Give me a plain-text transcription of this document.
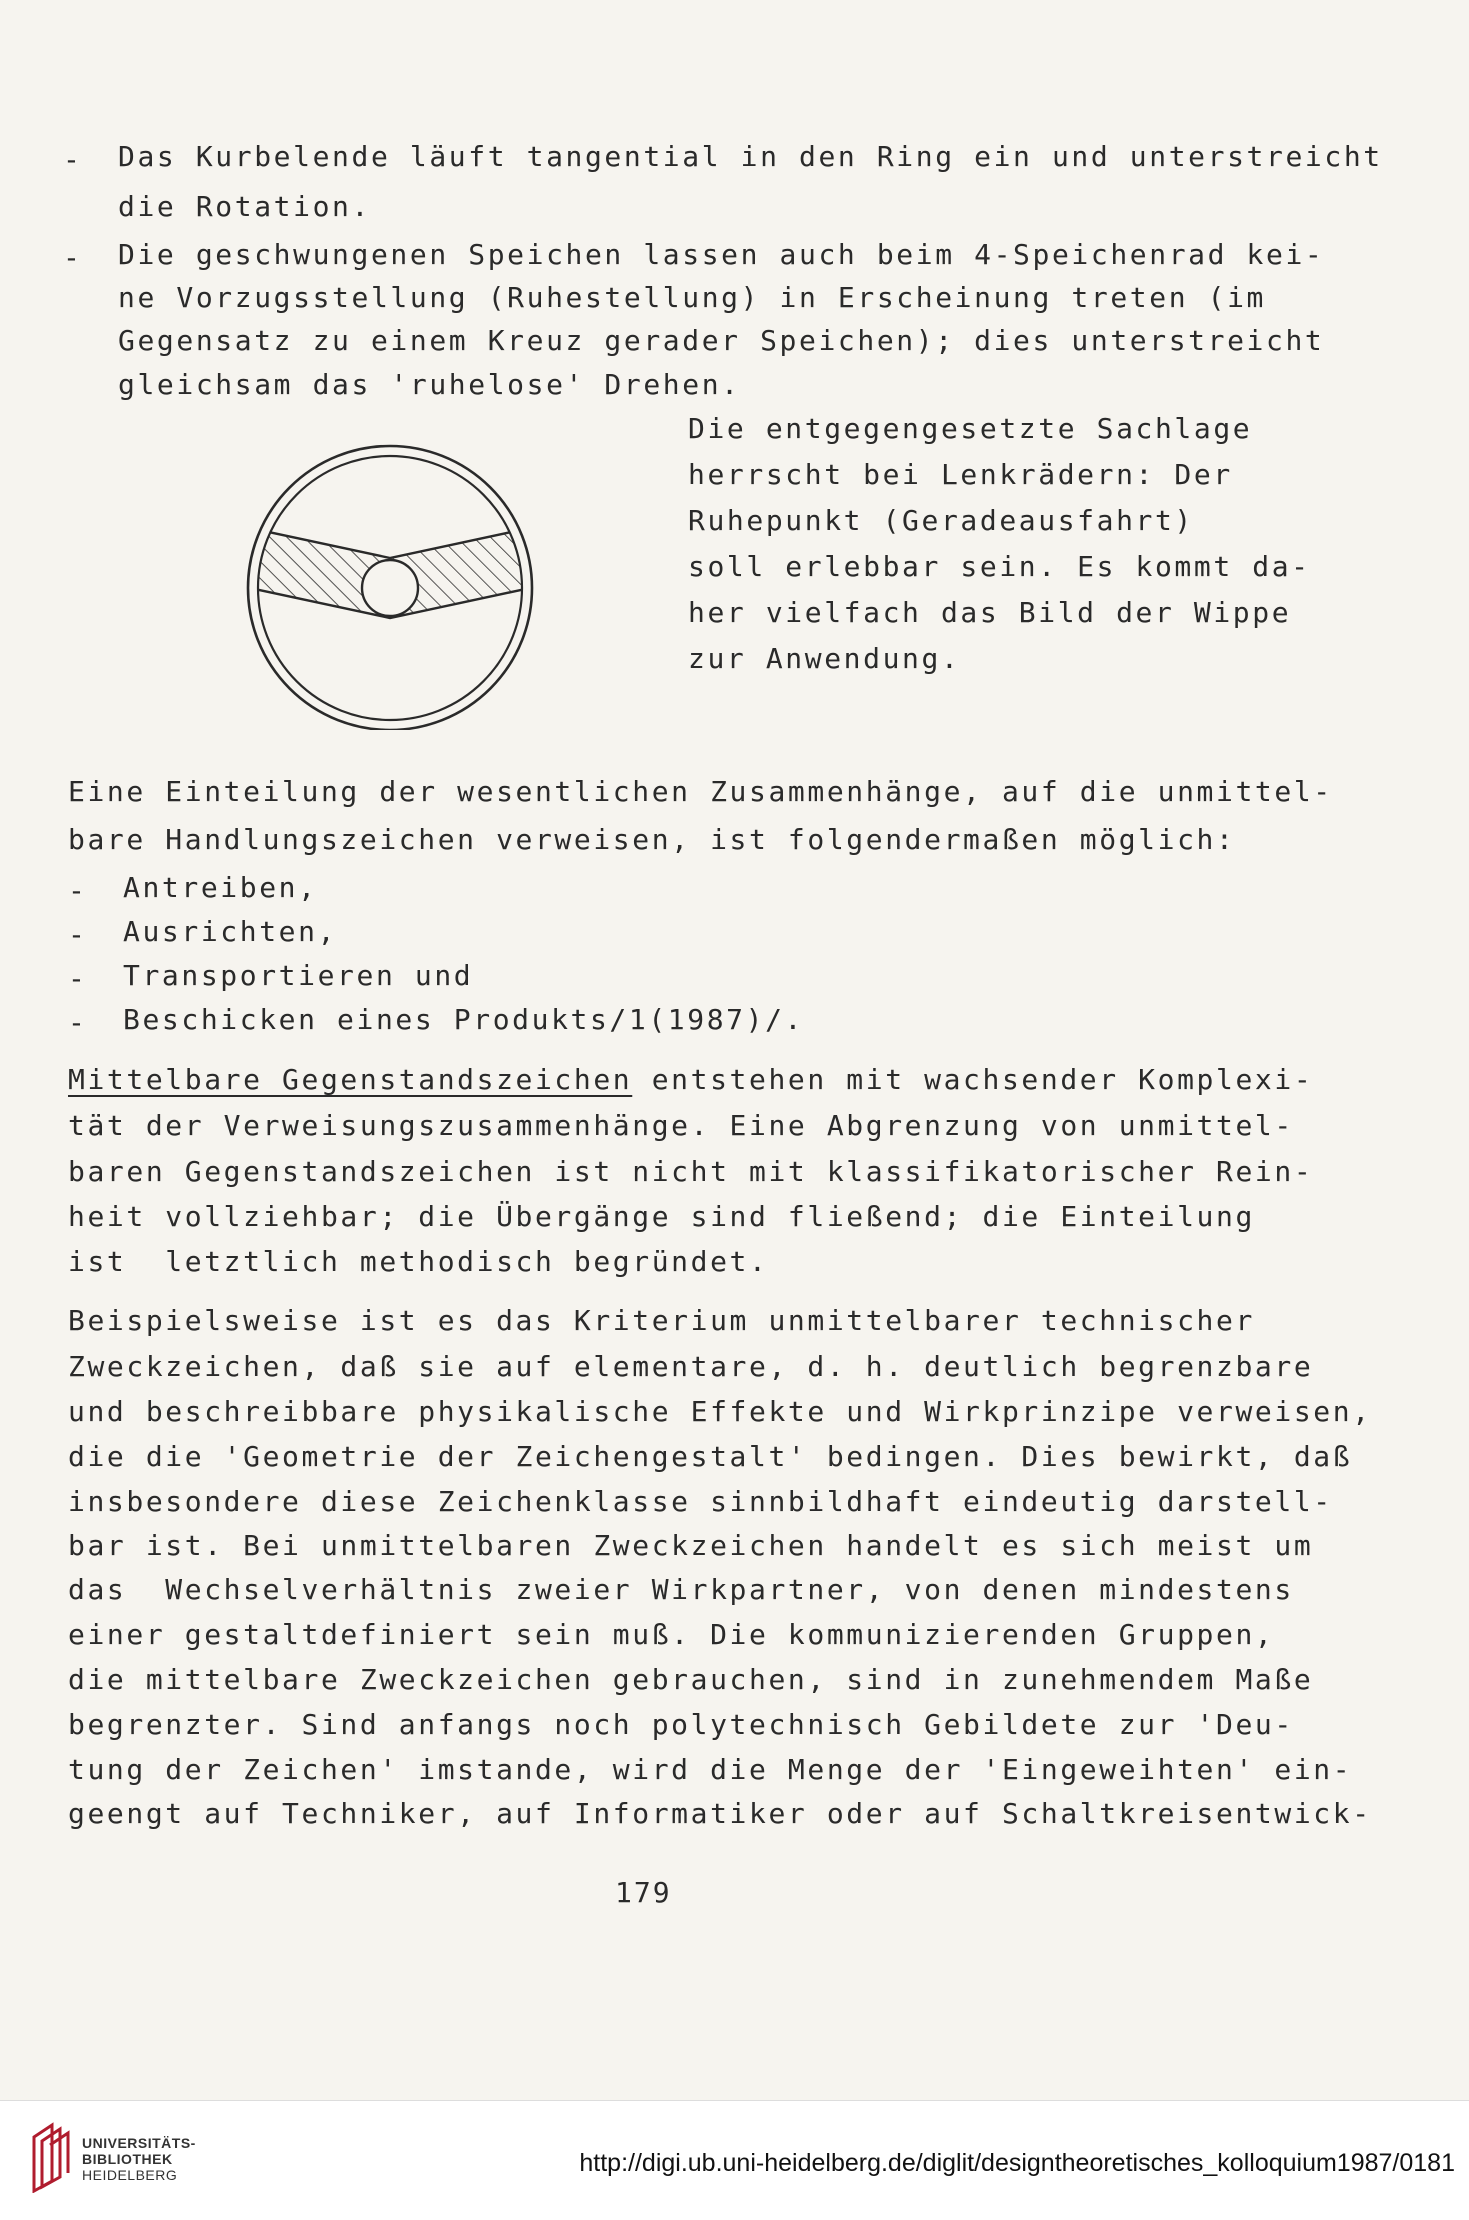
- Das Kurbelende läuft tangential in den Ring ein und unterstreicht
die Rotation.
- Die geschwungenen Speichen lassen auch beim 4-Speichenrad kei-
ne Vorzugsstellung (Ruhestellung) in Erscheinung treten (im
Gegensatz zu einem Kreuz gerader Speichen); dies unterstreicht
gleichsam das 'ruhelose' Drehen.
Die entgegengesetzte Sachlage
herrscht bei Lenkrädern: Der
Ruhepunkt (Geradeausfahrt)
soll erlebbar sein. Es kommt da-
her vielfach das Bild der Wippe
zur Anwendung.
Eine Einteilung der wesentlichen Zusammenhänge, auf die unmittel-
bare Handlungszeichen verweisen, ist folgendermaßen möglich:
- Antreiben,
- Ausrichten,
- Transportieren und
- Beschicken eines Produkts/1(1987)/.
Mittelbare Gegenstandszeichen entstehen mit wachsender Komplexi-
tät der Verweisungszusammenhänge. Eine Abgrenzung von unmittel-
baren Gegenstandszeichen ist nicht mit klassifikatorischer Rein-
heit vollziehbar; die Übergänge sind fließend; die Einteilung
ist  letztlich methodisch begründet.
Beispielsweise ist es das Kriterium unmittelbarer technischer
Zweckzeichen, daß sie auf elementare, d. h. deutlich begrenzbare
und beschreibbare physikalische Effekte und Wirkprinzipe verweisen,
die die 'Geometrie der Zeichengestalt' bedingen. Dies bewirkt, daß
insbesondere diese Zeichenklasse sinnbildhaft eindeutig darstell-
bar ist. Bei unmittelbaren Zweckzeichen handelt es sich meist um
das  Wechselverhältnis zweier Wirkpartner, von denen mindestens
einer gestaltdefiniert sein muß. Die kommunizierenden Gruppen,
die mittelbare Zweckzeichen gebrauchen, sind in zunehmendem Maße
begrenzter. Sind anfangs noch polytechnisch Gebildete zur 'Deu-
tung der Zeichen' imstande, wird die Menge der 'Eingeweihten' ein-
geengt auf Techniker, auf Informatiker oder auf Schaltkreisentwick-
179
UNIVERSITÄTS-
BIBLIOTHEK
HEIDELBERG	http://digi.ub.uni-heidelberg.de/diglit/designtheoretisches_kolloquium1987/0181
